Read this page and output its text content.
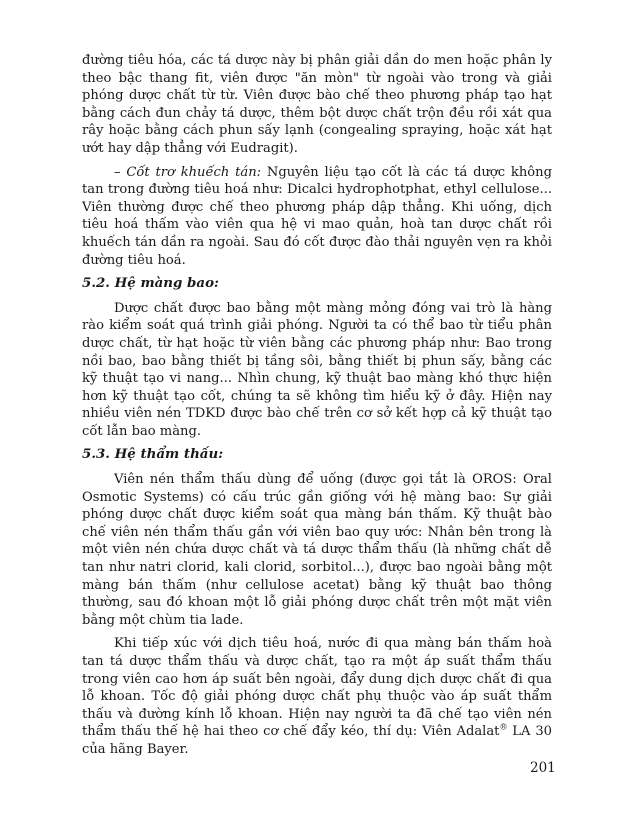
đường tiêu hóa, các tá dược này bị phân giải dần do men hoặc phân ly theo bậc thang fit, viên được "ăn mòn" từ ngoài vào trong và giải phóng dược chất từ từ. Viên được bào chế theo phương pháp tạo hạt bằng cách đun chảy tá dược, thêm bột dược chất trộn đều rồi xát qua rây hoặc bằng cách phun sấy lạnh (congealing spraying, hoặc xát hạt ướt hay dập thẳng với Eudragit).

– Cốt trơ khuếch tán: Nguyên liệu tạo cốt là các tá dược không tan trong đường tiêu hoá như: Dicalci hydrophotphat, ethyl cellulose... Viên thường được chế theo phương pháp dập thẳng. Khi uống, dịch tiêu hoá thấm vào viên qua hệ vi mao quản, hoà tan dược chất rồi khuếch tán dần ra ngoài. Sau đó cốt được đào thải nguyên vẹn ra khỏi đường tiêu hoá.

5.2. Hệ màng bao:

Dược chất được bao bằng một màng mỏng đóng vai trò là hàng rào kiểm soát quá trình giải phóng. Người ta có thể bao từ tiểu phân dược chất, từ hạt hoặc từ viên bằng các phương pháp như: Bao trong nồi bao, bao bằng thiết bị tầng sôi, bằng thiết bị phun sấy, bằng các kỹ thuật tạo vi nang... Nhìn chung, kỹ thuật bao màng khó thực hiện hơn kỹ thuật tạo cốt, chúng ta sẽ không tìm hiểu kỹ ở đây. Hiện nay nhiều viên nén TDKD được bào chế trên cơ sở kết hợp cả kỹ thuật tạo cốt lẫn bao màng.

5.3. Hệ thẩm thấu:

Viên nén thẩm thấu dùng để uống (được gọi tắt là OROS: Oral Osmotic Systems) có cấu trúc gần giống với hệ màng bao: Sự giải phóng dược chất được kiểm soát qua màng bán thấm. Kỹ thuật bào chế viên nén thẩm thấu gần với viên bao quy ước: Nhân bên trong là một viên nén chứa dược chất và tá dược thẩm thấu (là những chất dễ tan như natri clorid, kali clorid, sorbitol...), được bao ngoài bằng một màng bán thấm (như cellulose acetat) bằng kỹ thuật bao thông thường, sau đó khoan một lỗ giải phóng dược chất trên một mặt viên bằng một chùm tia lade.

Khi tiếp xúc với dịch tiêu hoá, nước đi qua màng bán thấm hoà tan tá dược thẩm thấu và dược chất, tạo ra một áp suất thẩm thấu trong viên cao hơn áp suất bên ngoài, đẩy dung dịch dược chất đi qua lỗ khoan. Tốc độ giải phóng dược chất phụ thuộc vào áp suất thẩm thấu và đường kính lỗ khoan. Hiện nay người ta đã chế tạo viên nén thẩm thấu thế hệ hai theo cơ chế đẩy kéo, thí dụ: Viên Adalat® LA 30 của hãng Bayer.

201
